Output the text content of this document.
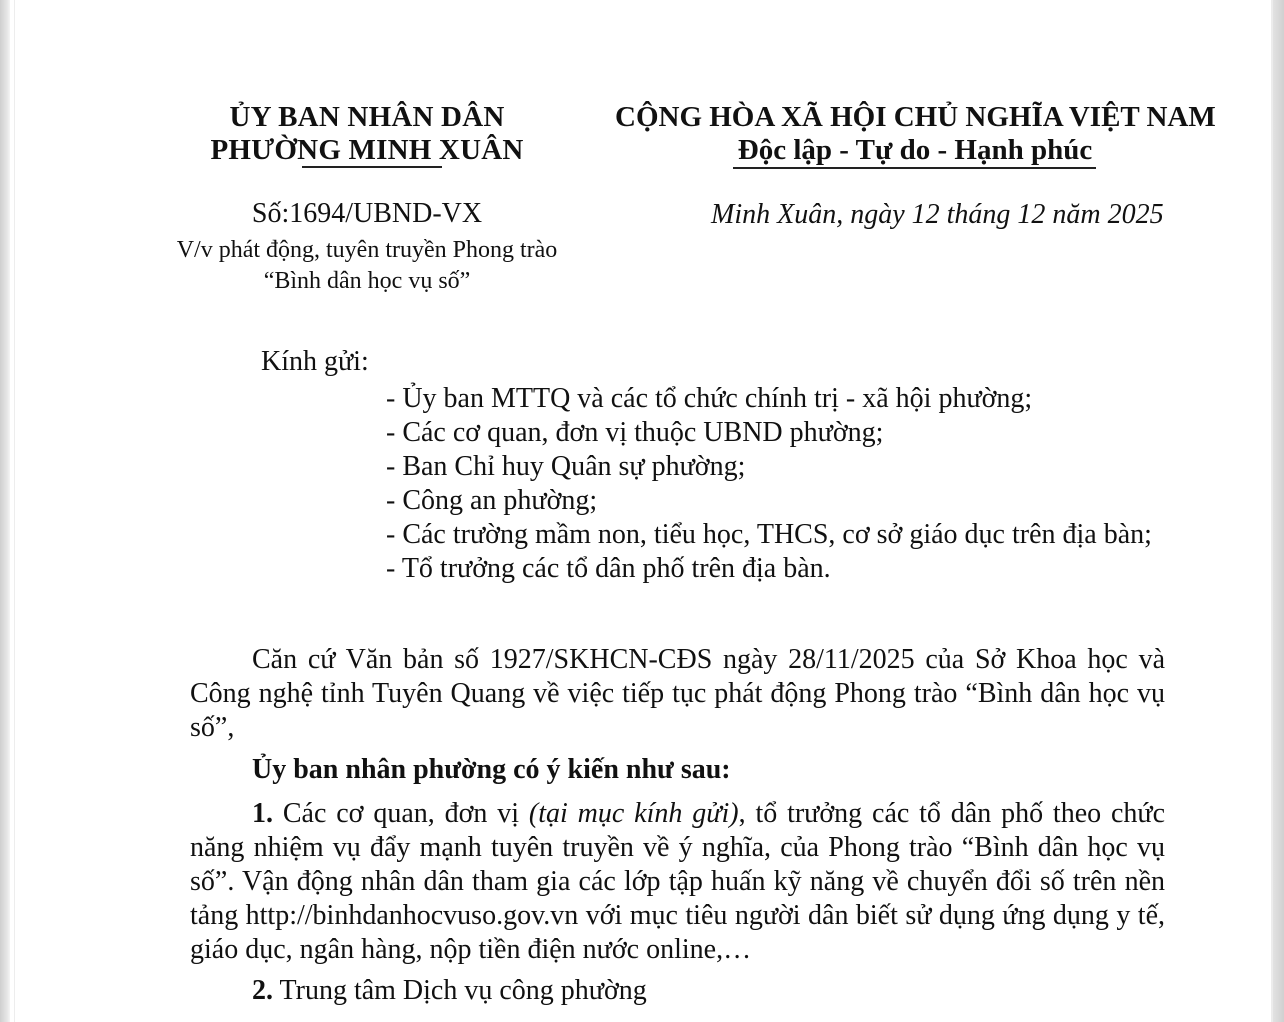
ỦY BAN NHÂN DÂN
PHƯỜNG MINH XUÂN
Số:1694/UBND-VX
V/v phát động, tuyên truyền Phong trào
“Bình dân học vụ số”
CỘNG HÒA XÃ HỘI CHỦ NGHĨA VIỆT NAM
Độc lập - Tự do - Hạnh phúc
Minh Xuân, ngày 12 tháng 12 năm 2025
Kính gửi:
- Ủy ban MTTQ và các tổ chức chính trị - xã hội phường;
- Các cơ quan, đơn vị thuộc UBND phường;
- Ban Chỉ huy Quân sự phường;
- Công an phường;
- Các trường mầm non, tiểu học, THCS, cơ sở giáo dục trên địa bàn;
- Tổ trưởng các tổ dân phố trên địa bàn.
Căn cứ Văn bản số 1927/SKHCN-CĐS ngày 28/11/2025 của Sở Khoa học và Công nghệ tỉnh Tuyên Quang về việc tiếp tục phát động Phong trào “Bình dân học vụ số”,
Ủy ban nhân phường có ý kiến như sau:
1. Các cơ quan, đơn vị (tại mục kính gửi), tổ trưởng các tổ dân phố theo chức năng nhiệm vụ đẩy mạnh tuyên truyền về ý nghĩa, của Phong trào “Bình dân học vụ số”. Vận động nhân dân tham gia các lớp tập huấn kỹ năng về chuyển đổi số trên nền tảng http://binhdanhocvuso.gov.vn với mục tiêu người dân biết sử dụng ứng dụng y tế, giáo dục, ngân hàng, nộp tiền điện nước online,…
2. Trung tâm Dịch vụ công phường
